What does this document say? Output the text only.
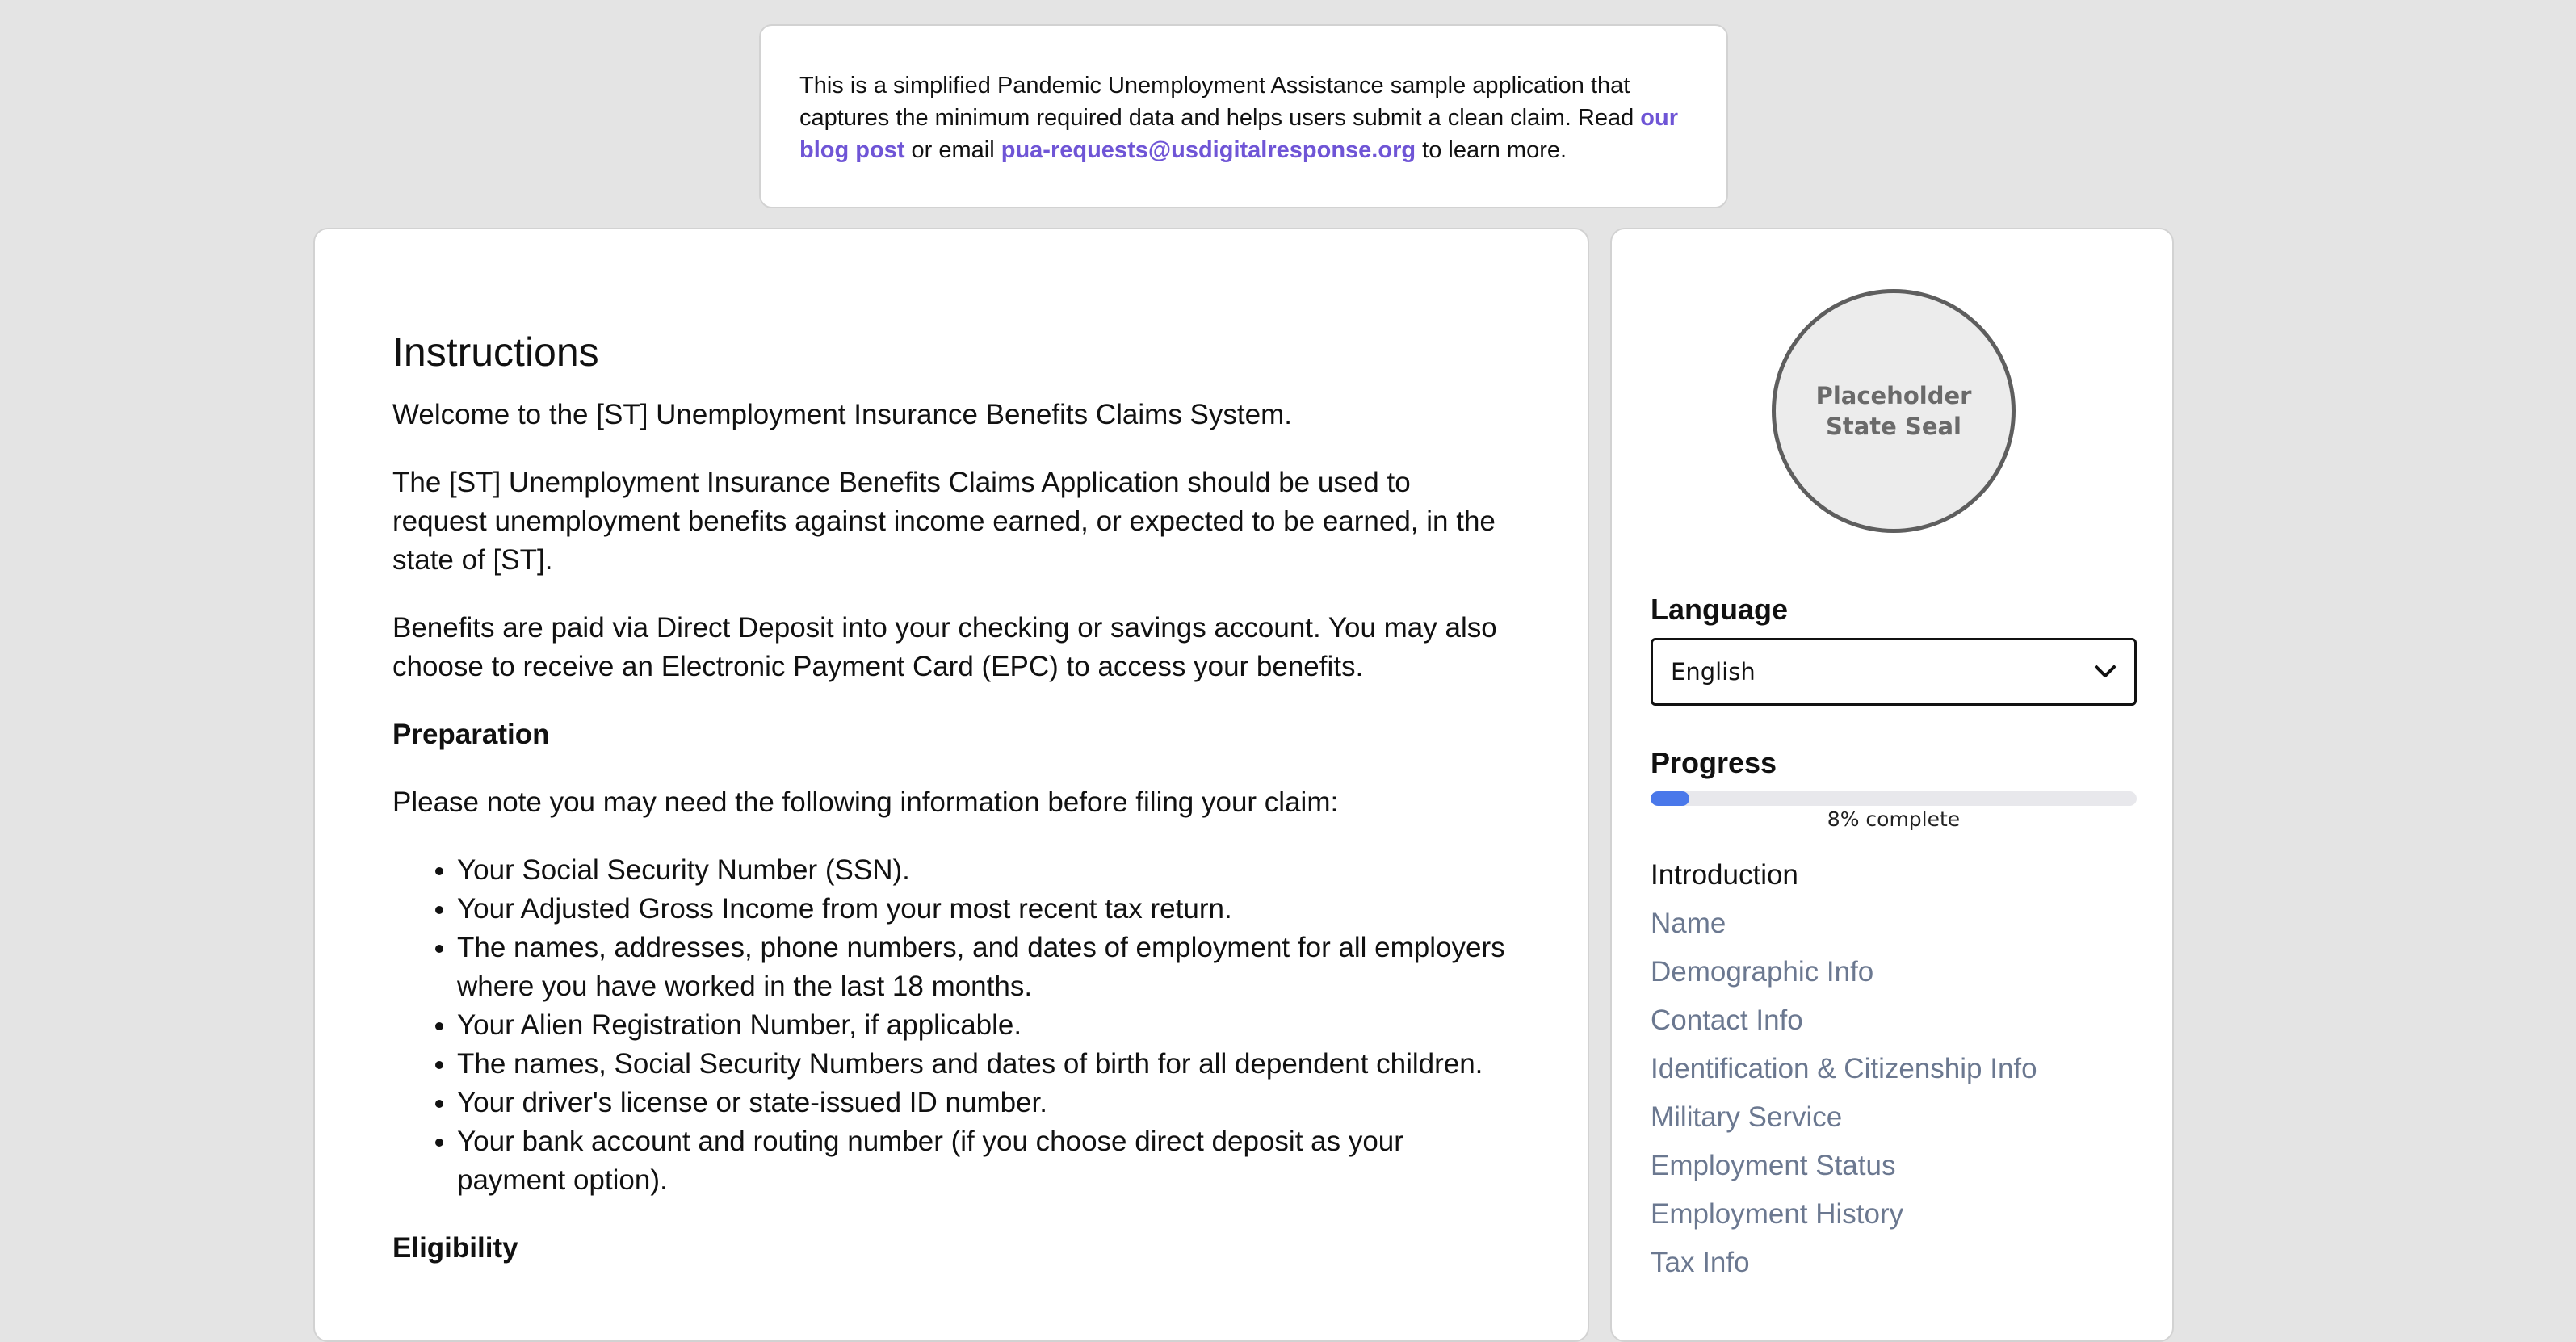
This is a simplified Pandemic Unemployment Assistance sample application that captures the minimum required data and helps users submit a clean claim. Read our blog post or email pua-requests@usdigitalresponse.org to learn more.
Instructions

Welcome to the [ST] Unemployment Insurance Benefits Claims System.

The [ST] Unemployment Insurance Benefits Claims Application should be used to request unemployment benefits against income earned, or expected to be earned, in the state of [ST].

Benefits are paid via Direct Deposit into your checking or savings account. You may also choose to receive an Electronic Payment Card (EPC) to access your benefits.

Preparation

Please note you may need the following information before filing your claim:

• Your Social Security Number (SSN).
• Your Adjusted Gross Income from your most recent tax return.
• The names, addresses, phone numbers, and dates of employment for all employers where you have worked in the last 18 months.
• Your Alien Registration Number, if applicable.
• The names, Social Security Numbers and dates of birth for all dependent children.
• Your driver's license or state-issued ID number.
• Your bank account and routing number (if you choose direct deposit as your payment option).

Eligibility

Placeholder State Seal

Language

English

Progress

8% complete
Introduction
Name
Demographic Info
Contact Info
Identification & Citizenship Info
Military Service
Employment Status
Employment History
Tax Info
